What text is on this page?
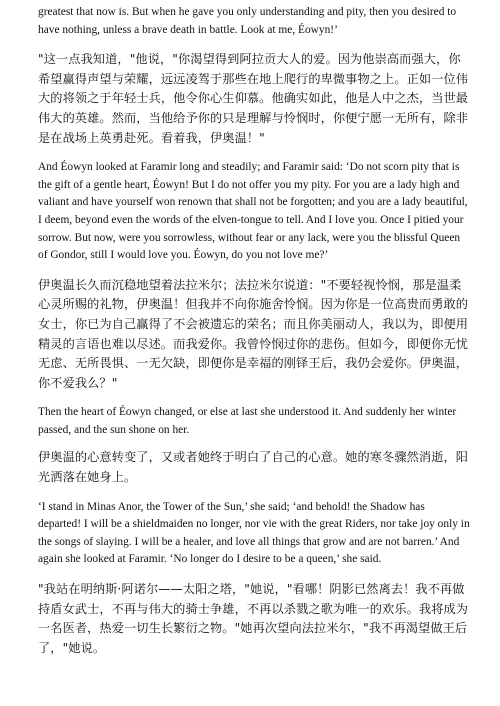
greatest that now is. But when he gave you only understanding and pity, then you desired to have nothing, unless a brave death in battle. Look at me, Éowyn!’

"这一点我知道，"他说，"你渴望得到阿拉贡大人的爱。因为他崇高而强大，你希望赢得声望与荣耀，远远凌驾于那些在地上爬行的卑微事物之上。正如一位伟大的将领之于年轻士兵，他令你心生仰慕。他确实如此，他是人中之杰，当世最伟大的英雄。然而，当他给予你的只是理解与怜悯时，你便宁愿一无所有，除非是在战场上英勇赴死。看着我，伊奥温！"

And Éowyn looked at Faramir long and steadily; and Faramir said: ‘Do not scorn pity that is the gift of a gentle heart, Éowyn! But I do not offer you my pity. For you are a lady high and valiant and have yourself won renown that shall not be forgotten; and you are a lady beautiful, I deem, beyond even the words of the elven-tongue to tell. And I love you. Once I pitied your sorrow. But now, were you sorrowless, without fear or any lack, were you the blissful Queen of Gondor, still I would love you. Éowyn, do you not love me?’

伊奥温长久而沉稳地望着法拉米尔；法拉米尔说道："不要轻视怜悯，那是温柔心灵所赐的礼物，伊奥温！但我并不向你施舍怜悯。因为你是一位高贵而勇敢的女士，你已为自己赢得了不会被遗忘的荣名；而且你美丽动人，我以为，即便用精灵的言语也难以尽述。而我爱你。我曾怜悯过你的悲伤。但如今，即便你无忧无虑、无所畏惧、一无欠缺，即便你是幸福的刚铎王后，我仍会爱你。伊奥温，你不爱我么？"

Then the heart of Éowyn changed, or else at last she understood it. And suddenly her winter passed, and the sun shone on her.

伊奥温的心意转变了，又或者她终于明白了自己的心意。她的寒冬骤然消逝，阳光洒落在她身上。

‘I stand in Minas Anor, the Tower of the Sun,’ she said; ‘and behold! the Shadow has departed! I will be a shieldmaiden no longer, nor vie with the great Riders, nor take joy only in the songs of slaying. I will be a healer, and love all things that grow and are not barren.’ And again she looked at Faramir. ‘No longer do I desire to be a queen,’ she said.

"我站在明纳斯·阿诺尔——太阳之塔，"她说，"看哪！阴影已然离去！我不再做持盾女武士，不再与伟大的骑士争雄，不再以杀戮之歌为唯一的欢乐。我将成为一名医者，热爱一切生长繁衍之物。"她再次望向法拉米尔，"我不再渴望做王后了，"她说。
